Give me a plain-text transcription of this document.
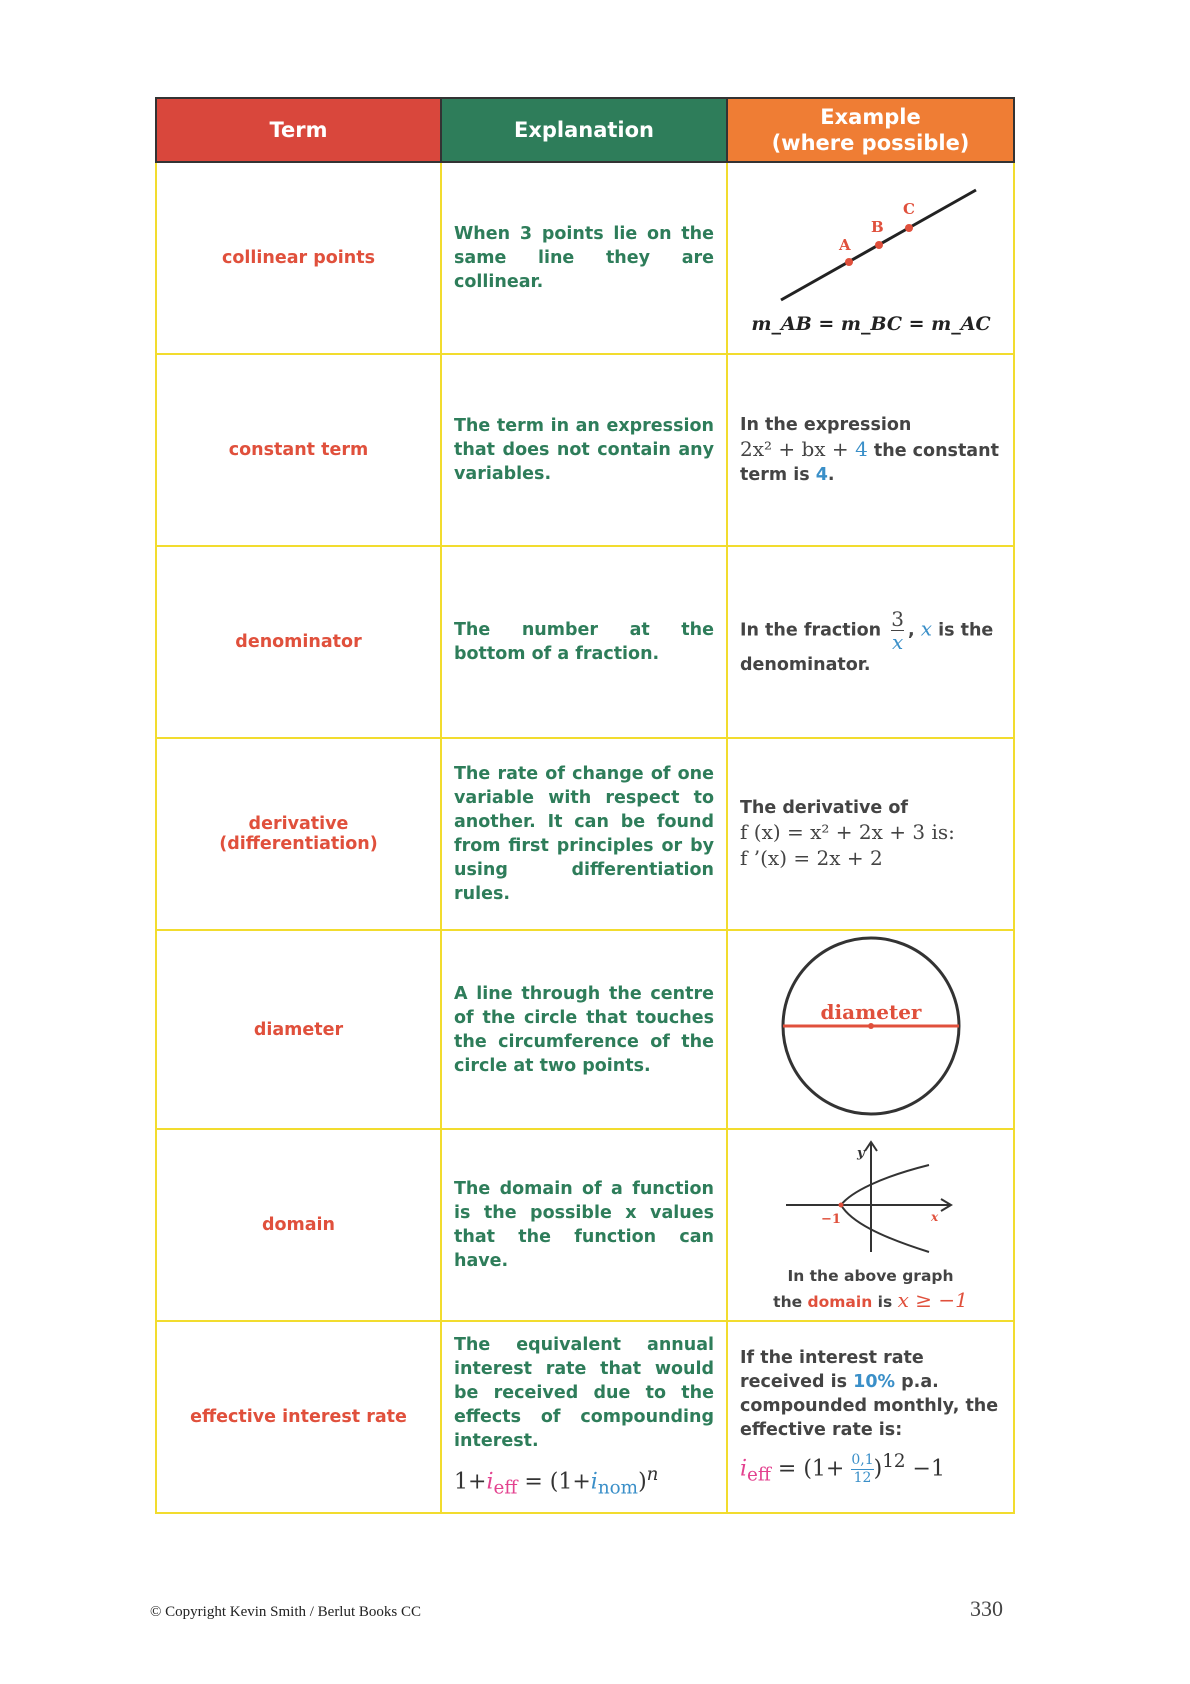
Term	Explanation	Example
(where possible)
collinear points	When 3 points lie on the same line they are collinear.	A
B
C
m_AB = m_BC = m_AC

constant term	The term in an expression that does not contain any variables.	In the expression
2x² + bx + 4 the constant term is 4.
denominator	The number at the bottom of a fraction.	In the fraction $\frac{3}{x}$ , x is the denominator.
derivative (differentiation)	The rate of change of one variable with respect to another. It can be found from first principles or by using differentiation rules.	The derivative of
f (x) = x² + 2x + 3 is:
f ’(x) = 2x + 2
diameter	A line through the centre of the circle that touches the circumference of the circle at two points.	diameter

domain	The domain of a function is the possible x values that the function can have.	y
x
−1

In the above graph
the domain is x ≥ −1
effective interest rate	The equivalent annual interest rate that would be received due to the effects of compounding interest.
$1+i_{eff} = (1+i_{nom})^n$	If the interest rate received is 10% p.a. compounded monthly, the effective rate is:
$i_{eff} = (1+ \frac{0,1}{12} )^{12} -1$
© Copyright Kevin Smith / Berlut Books CC	330
